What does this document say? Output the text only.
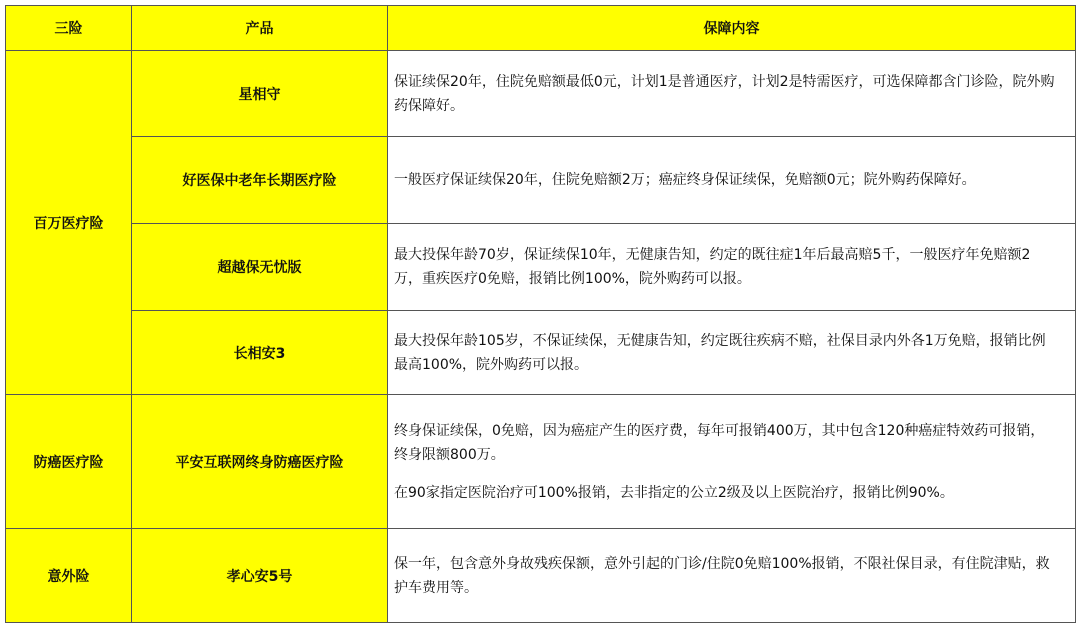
三险	产品	保障内容
百万医疗险	星相守	保证续保20年，住院免赔额最低0元，计划1是普通医疗，计划2是特需医疗，可选保障都含门诊险，院外购药保障好。

	好医保中老年长期医疗险	一般医疗保证续保20年，住院免赔额2万；癌症终身保证续保，免赔额0元；院外购药保障好。

	超越保无忧版	最大投保年龄70岁，保证续保10年，无健康告知，约定的既往症1年后最高赔5千，一般医疗年免赔额2万，重疾医疗0免赔，报销比例100%，院外购药可以报。

	长相安3	最大投保年龄105岁，不保证续保，无健康告知，约定既往疾病不赔，社保目录内外各1万免赔，报销比例最高100%，院外购药可以报。

防癌医疗险	平安互联网终身防癌医疗险	终身保证续保，0免赔，因为癌症产生的医疗费，每年可报销400万，其中包含120种癌症特效药可报销，终身限额800万。
在90家指定医院治疗可100%报销，去非指定的公立2级及以上医院治疗，报销比例90%。

意外险	孝心安5号	保一年，包含意外身故残疾保额，意外引起的门诊/住院0免赔100%报销，不限社保目录，有住院津贴，救护车费用等。
